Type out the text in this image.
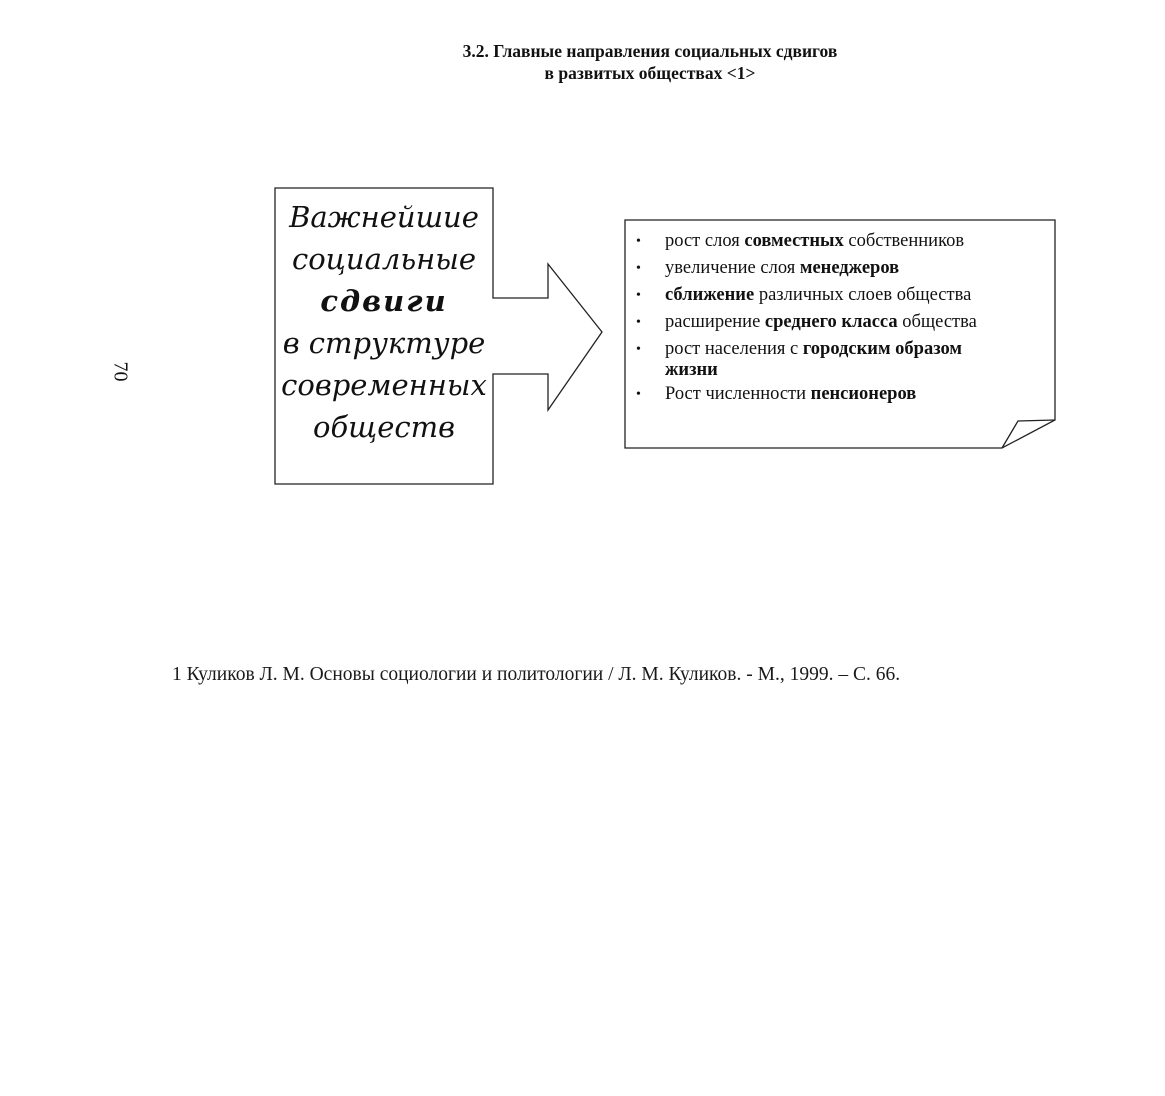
3.2. Главные направления социальных сдвигов
в развитых обществах <1>
70
Важнейшие
социальные
сдвиги
в структуре
современных
обществ
• рост слоя совместных собственников
• увеличение слоя менеджеров
• сближение различных слоев общества
• расширение среднего класса общества
• рост населения с городским образом
жизни
• Рост численности пенсионеров
1 Куликов Л. М. Основы социологии и политологии / Л. М. Куликов. - М., 1999. – С. 66.
